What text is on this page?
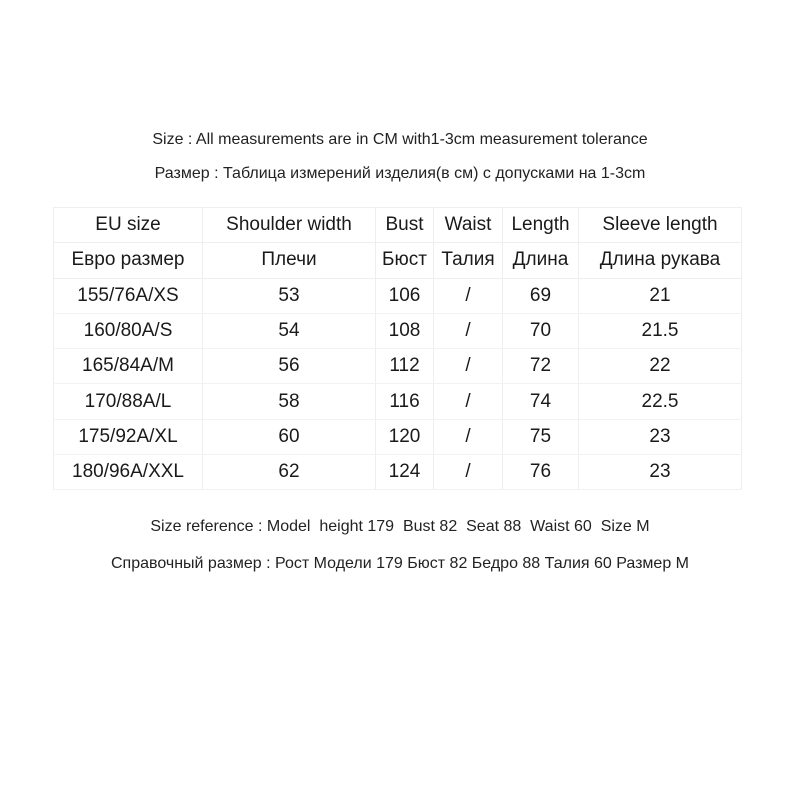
Size : All measurements are in CM with1-3cm measurement tolerance
Размер : Таблица измерений изделия(в см) с допусками на 1-3cm
EU size	Shoulder width	Bust	Waist	Length	Sleeve length
Евро размер	Плечи	Бюст	Талия	Длина	Длина рукава
155/76A/XS	53	106	/	69	21
160/80A/S	54	108	/	70	21.5
165/84A/M	56	112	/	72	22
170/88A/L	58	116	/	74	22.5
175/92A/XL	60	120	/	75	23
180/96A/XXL	62	124	/	76	23
Size reference : Model  height 179  Bust 82  Seat 88  Waist 60  Size M
Справочный размер : Рост Модели 179 Бюст 82 Бедро 88 Талия 60 Размер M
